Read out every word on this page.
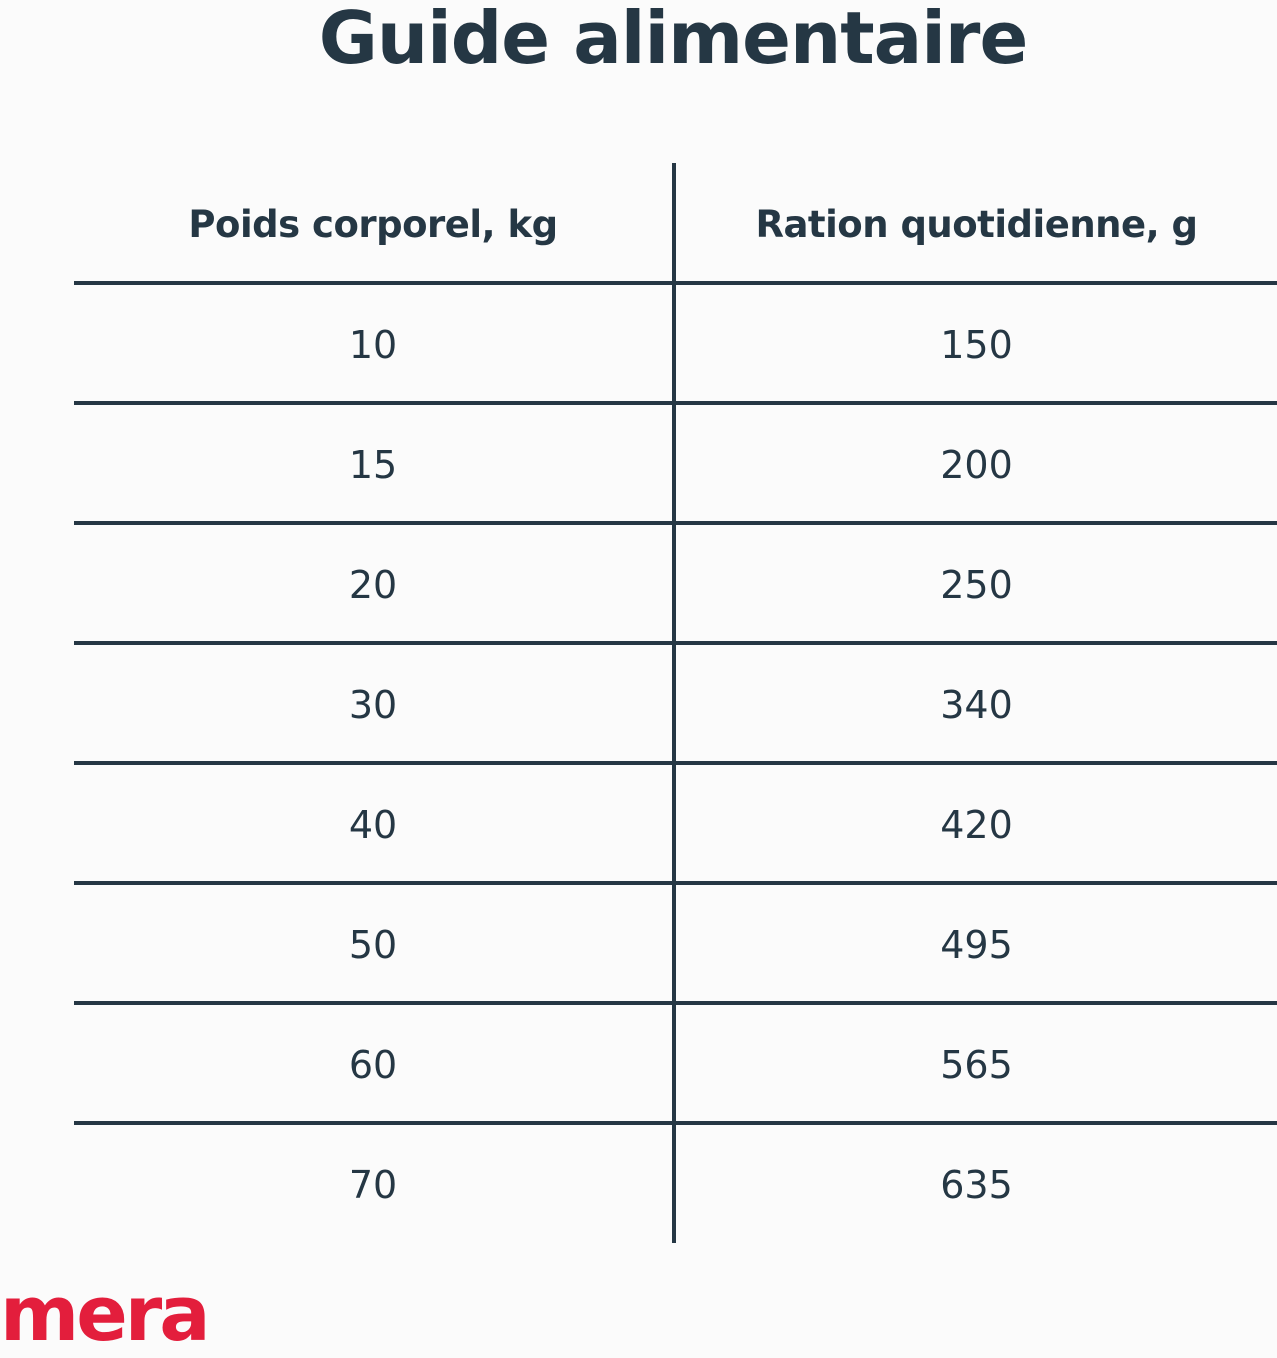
Guide alimentaire
Poids corporel, kg	Ration quotidienne, g
10	150
15	200
20	250
30	340
40	420
50	495
60	565
70	635
mera
